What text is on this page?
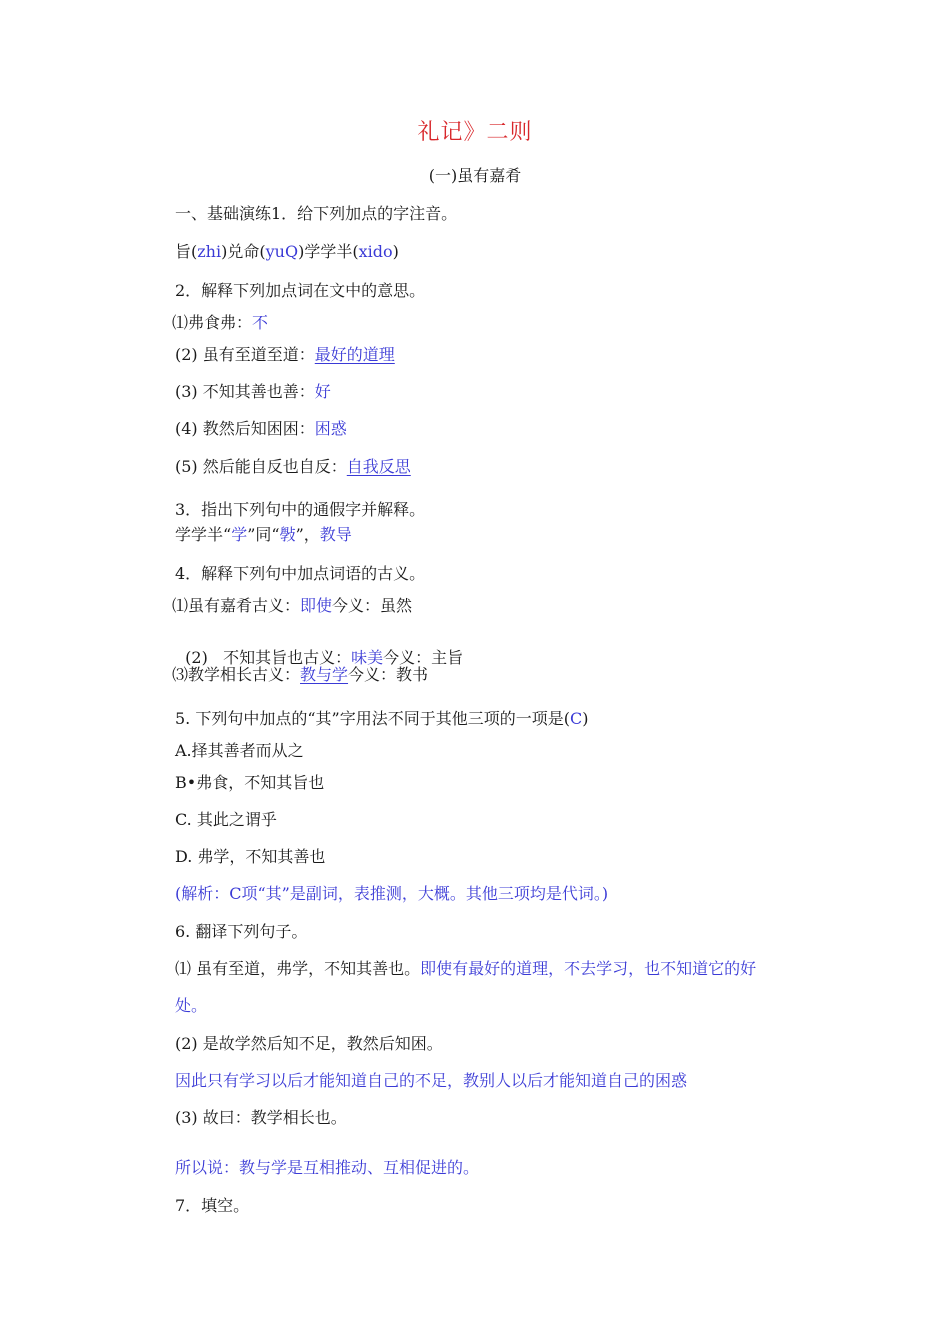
礼记》二则
(一)虽有嘉肴
一、基础演练1．给下列加点的字注音。
旨(zhi)兑命(yuQ)学学半(xido)
2．解释下列加点词在文中的意思。
⑴弗食弗：不
(2) 虽有至道至道：最好的道理
(3) 不知其善也善：好
(4) 教然后知困困：困惑
(5) 然后能自反也自反：自我反思
3．指出下列句中的通假字并解释。
学学半“学”同“斅”，教导
4．解释下列句中加点词语的古义。
⑴虽有嘉肴古义：即使今义：虽然

(2)   不知其旨也古义：味美今义：主旨

⑶教学相长古义：教与学今义：教书
5. 下列句中加点的“其”字用法不同于其他三项的一项是(C)
A.择其善者而从之
B•弗食，不知其旨也
C. 其此之谓乎
D. 弗学，不知其善也
(解析：C项“其”是副词，表推测，大概。其他三项均是代词。)
6. 翻译下列句子。
⑴ 虽有至道，弗学，不知其善也。即使有最好的道理，不去学习，也不知道它的好
处。
(2) 是故学然后知不足，教然后知困。
因此只有学习以后才能知道自己的不足，教别人以后才能知道自己的困惑
(3) 故曰：教学相长也。
所以说：教与学是互相推动、互相促进的。
7．填空。
